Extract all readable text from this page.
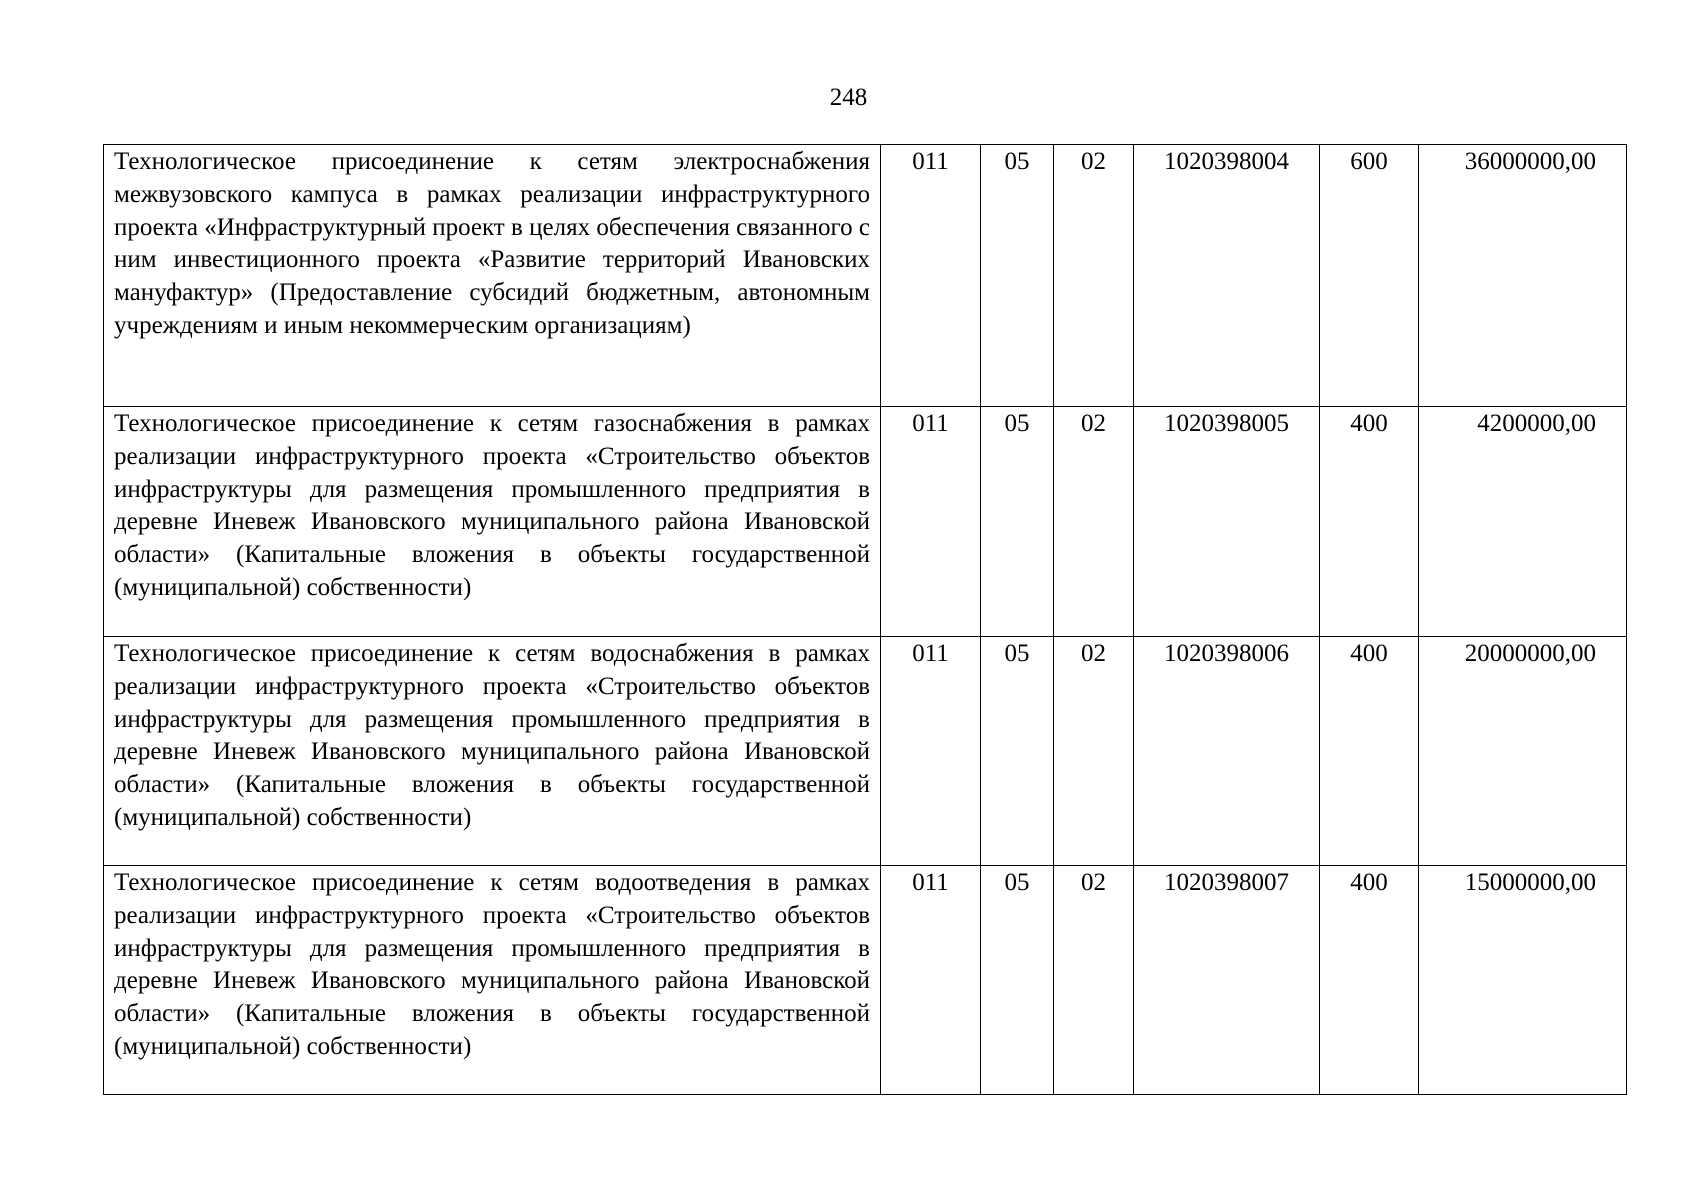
248
Технологическое присоединение к сетям электроснабжения межвузовского кампуса в рамках реализации инфраструктурного проекта «Инфраструктурный проект в целях обеспечения связанного с ним инвестиционного проекта «Развитие территорий Ивановских мануфактур» (Предоставление субсидий бюджетным, автономным учреждениям и иным некоммерческим организациям)	011	05	02	1020398004	600	36000000,00
Технологическое присоединение к сетям газоснабжения в рамках реализации инфраструктурного проекта «Строительство объектов инфраструктуры для размещения промышленного предприятия в деревне Иневеж Ивановского муниципального района Ивановской области» (Капитальные вложения в объекты государственной (муниципальной) собственности)	011	05	02	1020398005	400	4200000,00
Технологическое присоединение к сетям водоснабжения в рамках реализации инфраструктурного проекта «Строительство объектов инфраструктуры для размещения промышленного предприятия в деревне Иневеж Ивановского муниципального района Ивановской области» (Капитальные вложения в объекты государственной (муниципальной) собственности)	011	05	02	1020398006	400	20000000,00
Технологическое присоединение к сетям водоотведения в рамках реализации инфраструктурного проекта «Строительство объектов инфраструктуры для размещения промышленного предприятия в деревне Иневеж Ивановского муниципального района Ивановской области» (Капитальные вложения в объекты государственной (муниципальной) собственности)	011	05	02	1020398007	400	15000000,00
